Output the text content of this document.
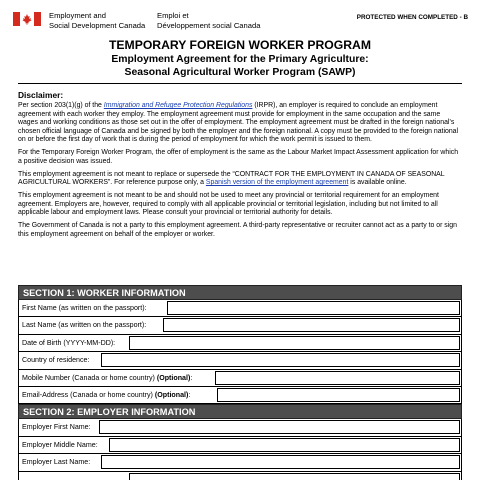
Employment and
Social Development Canada
Emploi et
Développement social Canada
PROTECTED WHEN COMPLETED - B
TEMPORARY FOREIGN WORKER PROGRAM
Employment Agreement for the Primary Agriculture:
Seasonal Agricultural Worker Program (SAWP)
Disclaimer:

Per section 203(1)(g) of the Immigration and Refugee Protection Regulations (IRPR), an employer is required to conclude an employment agreement with each worker they employ. The employment agreement must provide for employment in the same occupation and the same wages and working conditions as those set out in the offer of employment. The employment agreement must be drafted in the foreign national’s chosen official language of Canada and be signed by both the employer and the foreign national. A copy must be provided to the foreign national on or before the first day of work that is during the period of employment for which the work permit is issued to them.

For the Temporary Foreign Worker Program, the offer of employment is the same as the Labour Market Impact Assessment application for which a positive decision was issued.

This employment agreement is not meant to replace or supersede the “CONTRACT FOR THE EMPLOYMENT IN CANADA OF SEASONAL AGRICULTURAL WORKERS”. For reference purpose only, a Spanish version of the employment agreement is available online.

This employment agreement is not meant to be and should not be used to meet any provincial or territorial requirement for an employment agreement. Employers are, however, required to comply with all applicable provincial or territorial legislation, including but not limited to all applicable labour and employment laws. Please consult your provincial or territorial authority for details.

The Government of Canada is not a party to this employment agreement. A third-party representative or recruiter cannot act as a party to or sign this employment agreement on behalf of the employer or worker.

SECTION 1: WORKER INFORMATION
First Name (as written on the passport):
Last Name (as written on the passport):
Date of Birth (YYYY-MM-DD):
Country of residence:
Mobile Number (Canada or home country) (Optional):
Email-Address (Canada or home country) (Optional):
SECTION 2: EMPLOYER INFORMATION
Employer First Name:
Employer Middle Name:
Employer Last Name:
